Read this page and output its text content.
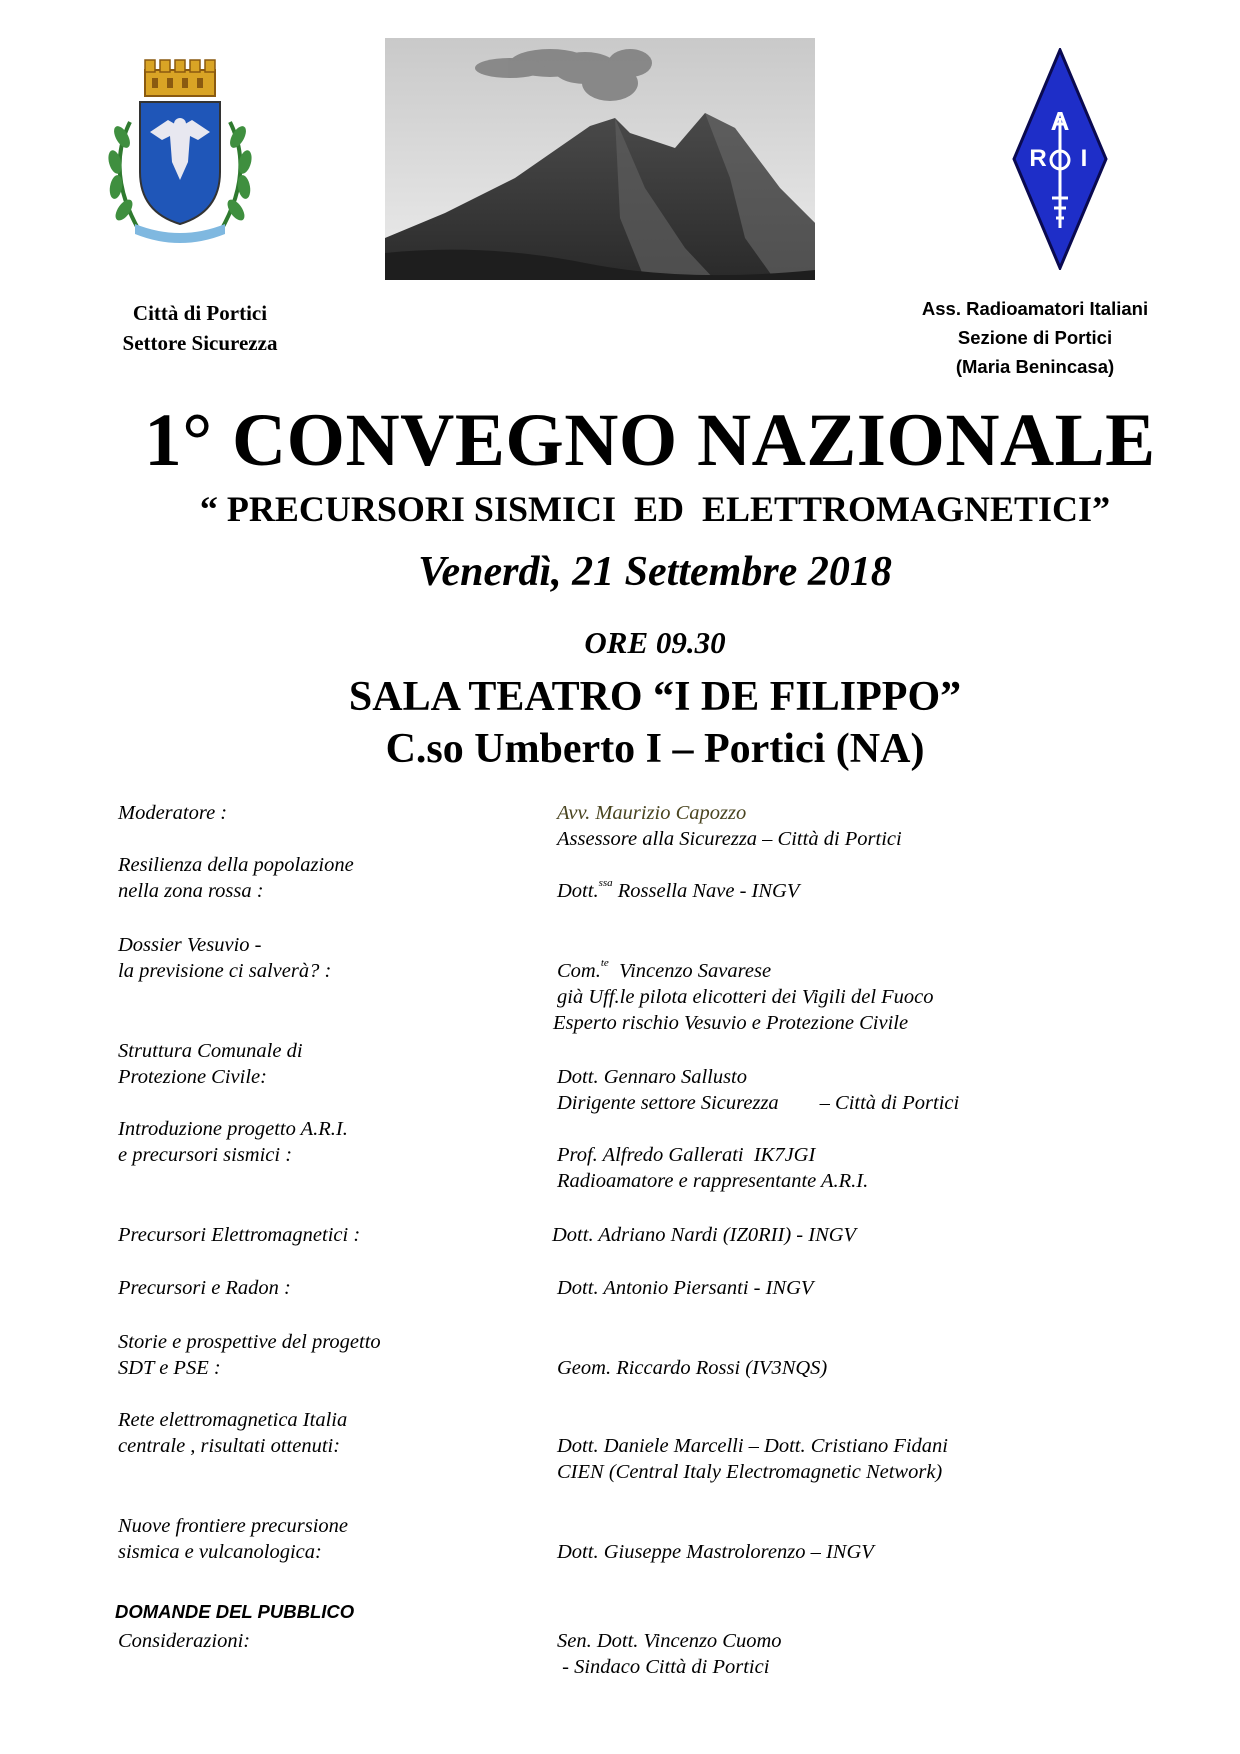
A
R I
Città di Portici
Settore Sicurezza
Ass. Radioamatori Italiani
Sezione di Portici
(Maria Benincasa)
1° CONVEGNO NAZIONALE
“ PRECURSORI SISMICI  ED  ELETTROMAGNETICI”
Venerdì, 21 Settembre 2018
ORE 09.30
SALA TEATRO “I DE FILIPPO”
C.so Umberto I – Portici (NA)
Moderatore :	Avv. Maurizio Capozzo
Assessore alla Sicurezza – Città di Portici
Resilienza della popolazione
nella zona rossa :	Dott.$^{ssa}$ Rossella Nave - INGV
Dossier Vesuvio -
la previsione ci salverà? :	Com.$^{te}$  Vincenzo Savarese
già Uff.le pilota elicotteri dei Vigili del Fuoco
Esperto rischio Vesuvio e Protezione Civile
Struttura Comunale di
Protezione Civile:	Dott. Gennaro Sallusto
Dirigente settore Sicurezza        – Città di Portici
Introduzione progetto A.R.I.
e precursori sismici :	Prof. Alfredo Gallerati  IK7JGI
Radioamatore e rappresentante A.R.I.
Precursori Elettromagnetici :	Dott. Adriano Nardi (IZ0RII) - INGV
Precursori e Radon :	Dott. Antonio Piersanti - INGV
Storie e prospettive del progetto
SDT e PSE :	Geom. Riccardo Rossi (IV3NQS)
Rete elettromagnetica Italia
centrale , risultati ottenuti:	Dott. Daniele Marcelli – Dott. Cristiano Fidani
CIEN (Central Italy Electromagnetic Network)
Nuove frontiere precursione
sismica e vulcanologica:	Dott. Giuseppe Mastrolorenzo – INGV
DOMANDE DEL PUBBLICO
Considerazioni:	Sen. Dott. Vincenzo Cuomo
- Sindaco Città di Portici
